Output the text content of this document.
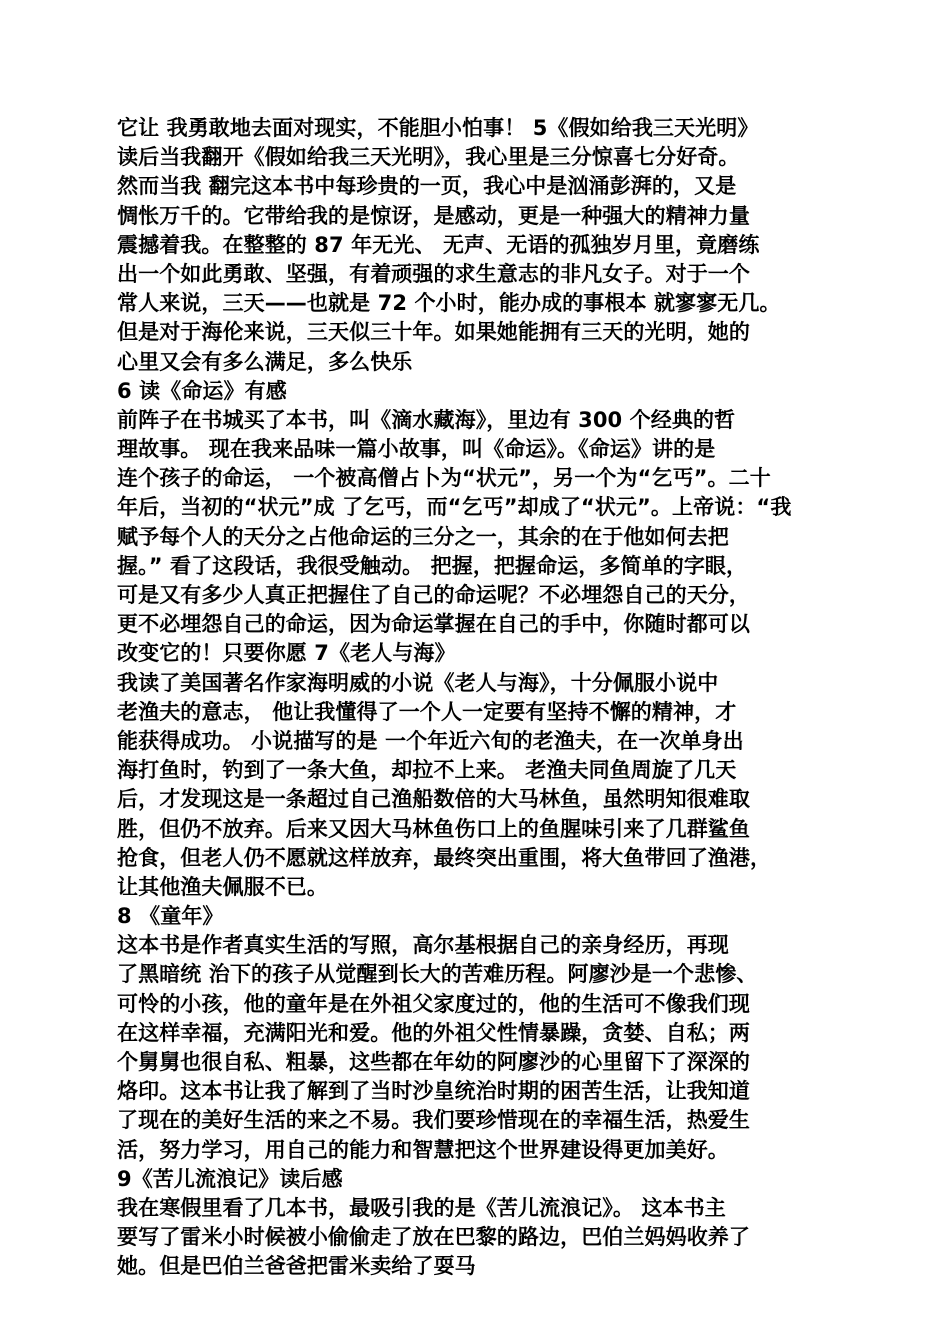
它让 我勇敢地去面对现实，不能胆小怕事！ 5《假如给我三天光明》
读后当我翻开《假如给我三天光明》，我心里是三分惊喜七分好奇。
然而当我 翻完这本书中每珍贵的一页，我心中是汹涌彭湃的，又是
惆怅万千的。它带给我的是惊讶，是感动，更是一种强大的精神力量
震撼着我。在整整的 87 年无光、 无声、无语的孤独岁月里，竟磨练
出一个如此勇敢、坚强，有着顽强的求生意志的非凡女子。对于一个
常人来说，三天——也就是 72 个小时，能办成的事根本 就寥寥无几。
但是对于海伦来说，三天似三十年。如果她能拥有三天的光明，她的
心里又会有多么满足，多么快乐
6 读《命运》有感
前阵子在书城买了本书，叫《滴水藏海》，里边有 300 个经典的哲
理故事。 现在我来品味一篇小故事，叫《命运》。《命运》讲的是
连个孩子的命运， 一个被高僧占卜为“状元”，另一个为“乞丐”。二十
年后，当初的“状元”成 了乞丐，而“乞丐”却成了“状元”。上帝说：“我
赋予每个人的天分之占他命运的三分之一，其余的在于他如何去把
握。” 看了这段话，我很受触动。 把握，把握命运，多简单的字眼，
可是又有多少人真正把握住了自己的命运呢？不必埋怨自己的天分，
更不必埋怨自己的命运，因为命运掌握在自己的手中，你随时都可以
改变它的！只要你愿 7《老人与海》
我读了美国著名作家海明威的小说《老人与海》，十分佩服小说中
老渔夫的意志， 他让我懂得了一个人一定要有坚持不懈的精神，才
能获得成功。 小说描写的是 一个年近六旬的老渔夫，在一次单身出
海打鱼时，钓到了一条大鱼，却拉不上来。 老渔夫同鱼周旋了几天
后，才发现这是一条超过自己渔船数倍的大马林鱼，虽然明知很难取
胜，但仍不放弃。后来又因大马林鱼伤口上的鱼腥味引来了几群鲨鱼
抢食，但老人仍不愿就这样放弃，最终突出重围，将大鱼带回了渔港，
让其他渔夫佩服不已。
8 《童年》
这本书是作者真实生活的写照，高尔基根据自己的亲身经历，再现
了黑暗统 治下的孩子从觉醒到长大的苦难历程。阿廖沙是一个悲惨、
可怜的小孩，他的童年是在外祖父家度过的，他的生活可不像我们现
在这样幸福，充满阳光和爱。他的外祖父性情暴躁，贪婪、自私；两
个舅舅也很自私、粗暴，这些都在年幼的阿廖沙的心里留下了深深的
烙印。这本书让我了解到了当时沙皇统治时期的困苦生活，让我知道
了现在的美好生活的来之不易。我们要珍惜现在的幸福生活，热爱生
活，努力学习，用自己的能力和智慧把这个世界建设得更加美好。
9《苦儿流浪记》读后感
我在寒假里看了几本书，最吸引我的是《苦儿流浪记》。 这本书主
要写了雷米小时候被小偷偷走了放在巴黎的路边，巴伯兰妈妈收养了
她。但是巴伯兰爸爸把雷米卖给了耍马
